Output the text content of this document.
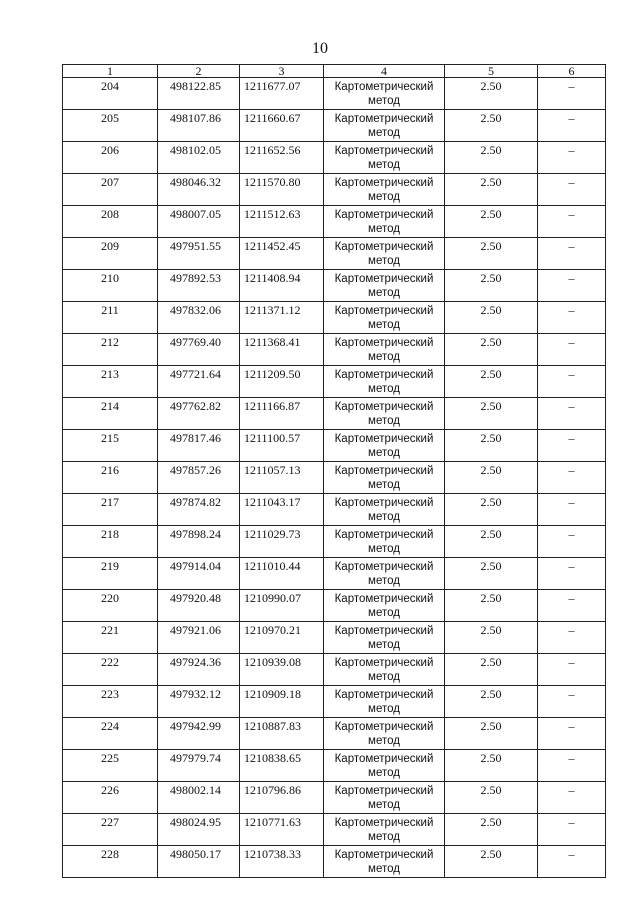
10
1	2	3	4	5	6
204	498122.85	1211677.07	Картометрический метод	2.50	–
205	498107.86	1211660.67	Картометрический метод	2.50	–
206	498102.05	1211652.56	Картометрический метод	2.50	–
207	498046.32	1211570.80	Картометрический метод	2.50	–
208	498007.05	1211512.63	Картометрический метод	2.50	–
209	497951.55	1211452.45	Картометрический метод	2.50	–
210	497892.53	1211408.94	Картометрический метод	2.50	–
211	497832.06	1211371.12	Картометрический метод	2.50	–
212	497769.40	1211368.41	Картометрический метод	2.50	–
213	497721.64	1211209.50	Картометрический метод	2.50	–
214	497762.82	1211166.87	Картометрический метод	2.50	–
215	497817.46	1211100.57	Картометрический метод	2.50	–
216	497857.26	1211057.13	Картометрический метод	2.50	–
217	497874.82	1211043.17	Картометрический метод	2.50	–
218	497898.24	1211029.73	Картометрический метод	2.50	–
219	497914.04	1211010.44	Картометрический метод	2.50	–
220	497920.48	1210990.07	Картометрический метод	2.50	–
221	497921.06	1210970.21	Картометрический метод	2.50	–
222	497924.36	1210939.08	Картометрический метод	2.50	–
223	497932.12	1210909.18	Картометрический метод	2.50	–
224	497942.99	1210887.83	Картометрический метод	2.50	–
225	497979.74	1210838.65	Картометрический метод	2.50	–
226	498002.14	1210796.86	Картометрический метод	2.50	–
227	498024.95	1210771.63	Картометрический метод	2.50	–
228	498050.17	1210738.33	Картометрический метод	2.50	–
